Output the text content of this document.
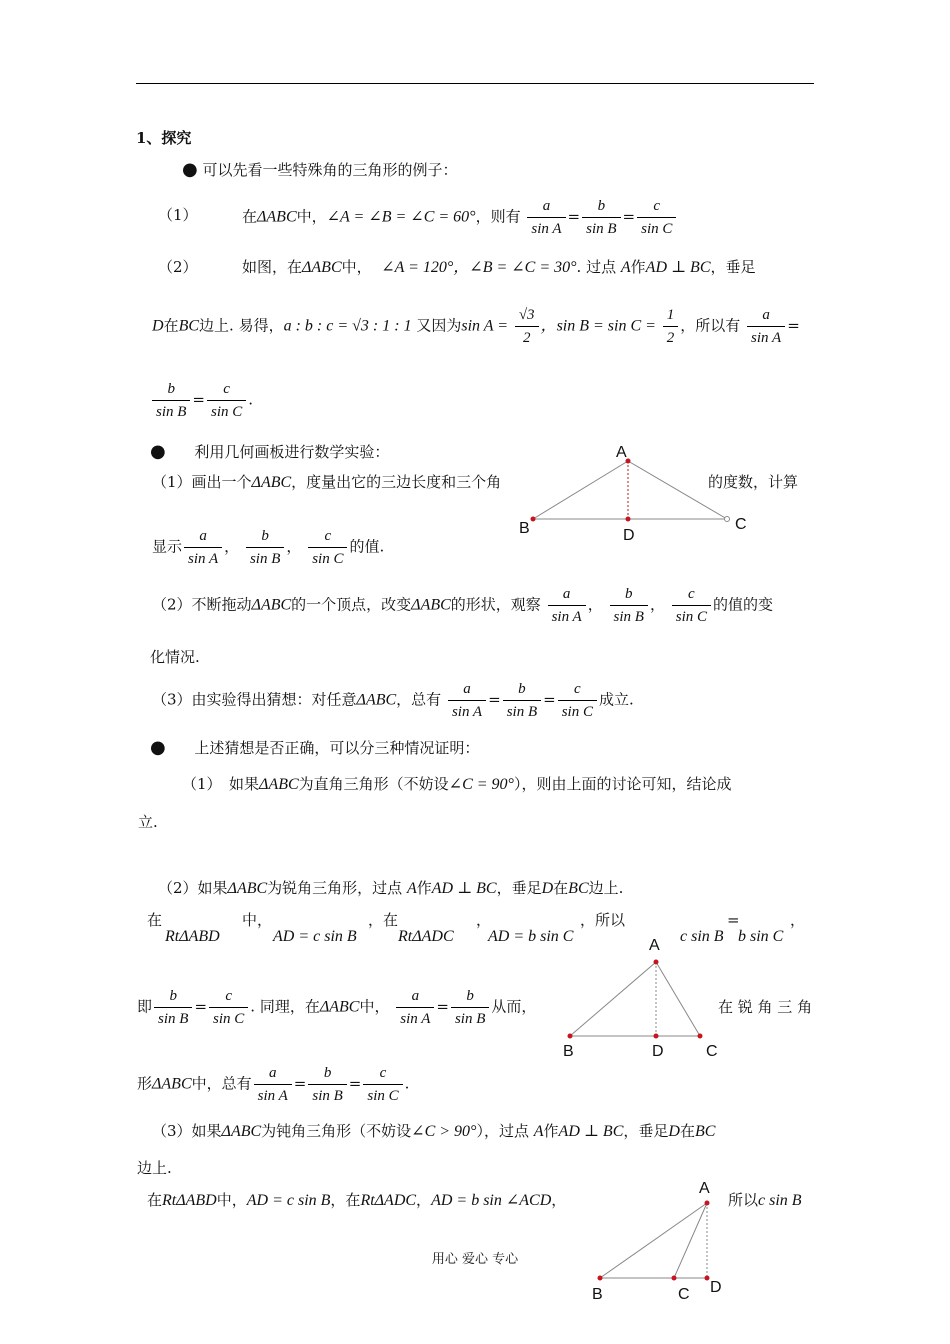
1、探究
● 可以先看一些特殊角的三角形的例子：
（1）	在ΔABC中，∠A = ∠B = ∠C = 60°，则有 $\frac{a}{\text{sin A}} = \frac{b}{\text{sin B}} = \frac{c}{\text{sin C}}$
（2）	如图，在ΔABC中， ∠A = 120°，∠B = ∠C = 30°. 过点 A作AD ⊥ BC，垂足
D在BC边上. 易得，a : b : c = √3 : 1 : 1 又因为$\sin A = \frac{√3}{2}$ ，$\sin B = \sin C = \frac{1}{2}$ ，所以有 $\frac{a}{\text{sin A}}$ =
$\frac{b}{\text{sin B}} = \frac{c}{\text{sin C}}$ .
● 利用几何画板进行数学实验：
（1）画出一个ΔABC，度量出它的三边长度和三个角	的度数，计算
显示 $\frac{a}{\text{sin A}}$ ， $\frac{b}{\text{sin B}}$ ， $\frac{c}{\text{sin C}}$ 的值.
A
B	D
C
（2）不断拖动ΔABC的一个顶点，改变ΔABC的形状，观察 $\frac{a}{\text{sin A}}$ ， $\frac{b}{\text{sin B}}$ ， $\frac{c}{\text{sin C}}$ 的值的变
化情况.
（3）由实验得出猜想：对任意ΔABC，总有 $\frac{a}{\text{sin A}} = \frac{b}{\text{sin B}} = \frac{c}{\text{sin C}}$ 成立.
● 上述猜想是否正确，可以分三种情况证明：
（1）　如果ΔABC为直角三角形（不妨设∠C = 90°），则由上面的讨论可知，结论成
立.
（2）如果ΔABC为锐角三角形，过点 A作AD ⊥ BC，垂足D在BC边上.
在
RtΔABD
中，
AD = c sin B
，在
RtΔADC
，
AD = b sin C
，所以
c sin B
=
b sin C
，
即 $\frac{b}{\text{sin B}} = \frac{c}{\text{sin C}}$ . 同理，在ΔABC中， $\frac{a}{\text{sin A}} = \frac{b}{\text{sin B}}$ 从而，	在 锐 角 三 角
形ΔABC中，总有 $\frac{a}{\text{sin A}} = \frac{b}{\text{sin B}} = \frac{c}{\text{sin C}}$ .
A
B	D	C
（3）如果ΔABC为钝角三角形（不妨设∠C > 90°），过点 A作AD ⊥ BC，垂足D在BC
边上.
在RtΔABD中，AD = c sin B，在RtΔADC，AD = b sin ∠ACD，	所以c sin B
A
B	C D
用心 爱心 专心
